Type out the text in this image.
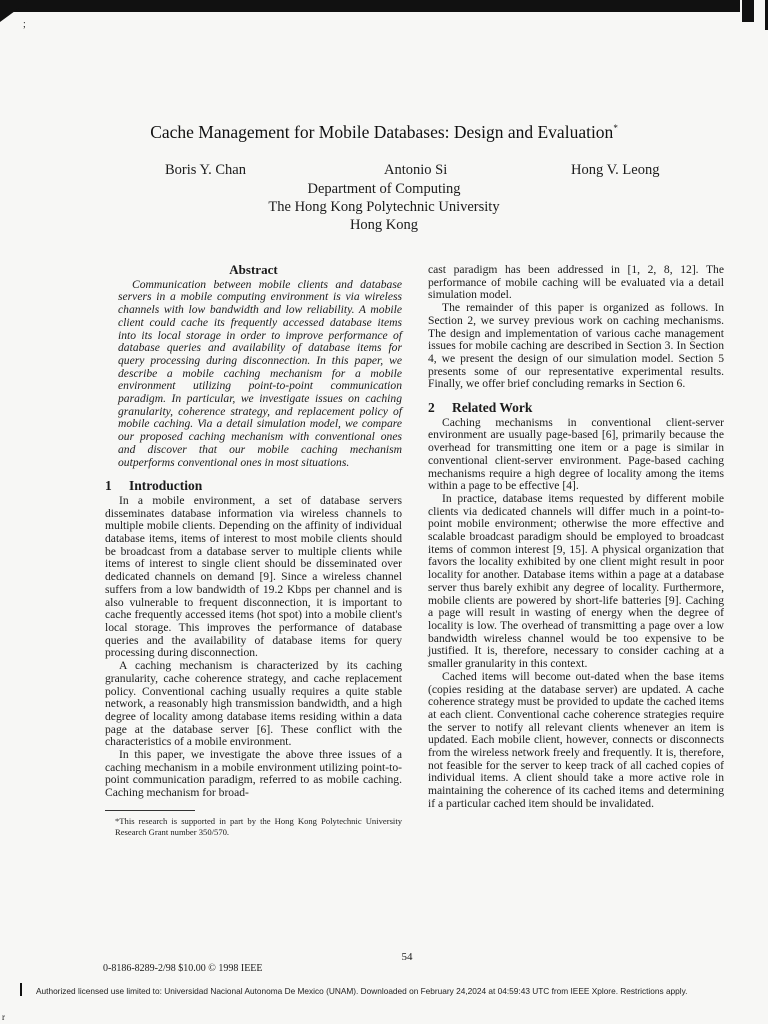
;
Cache Management for Mobile Databases: Design and Evaluation*
Boris Y. Chan	Antonio Si	Hong V. Leong
Department of Computing
The Hong Kong Polytechnic University
Hong Kong
Abstract

Communication between mobile clients and database servers in a mobile computing environment is via wireless channels with low bandwidth and low reliability. A mobile client could cache its frequently accessed database items into its local storage in order to improve performance of database queries and availability of database items for query processing during disconnection. In this paper, we describe a mobile caching mechanism for a mobile environment utilizing point-to-point communication paradigm. In particular, we investigate issues on caching granularity, coherence strategy, and replacement policy of mobile caching. Via a detail simulation model, we compare our proposed caching mechanism with conventional ones and discover that our mobile caching mechanism outperforms conventional ones in most situations.

1 Introduction

In a mobile environment, a set of database servers disseminates database information via wireless channels to multiple mobile clients. Depending on the affinity of individual database items, items of interest to most mobile clients should be broadcast from a database server to multiple clients while items of interest to single client should be disseminated over dedicated channels on demand [9]. Since a wireless channel suffers from a low bandwidth of 19.2 Kbps per channel and is also vulnerable to frequent disconnection, it is important to cache frequently accessed items (hot spot) into a mobile client's local storage. This improves the performance of database queries and the availability of database items for query processing during disconnection.

A caching mechanism is characterized by its caching granularity, cache coherence strategy, and cache replacement policy. Conventional caching usually requires a quite stable network, a reasonably high transmission bandwidth, and a high degree of locality among database items residing within a data page at the database server [6]. These conflict with the characteristics of a mobile environment.

In this paper, we investigate the above three issues of a caching mechanism in a mobile environment utilizing point-to-point communication paradigm, referred to as mobile caching. Caching mechanism for broad-

*This research is supported in part by the Hong Kong Polytechnic University Research Grant number 350/570.

cast paradigm has been addressed in [1, 2, 8, 12]. The performance of mobile caching will be evaluated via a detail simulation model.

The remainder of this paper is organized as follows. In Section 2, we survey previous work on caching mechanisms. The design and implementation of various cache management issues for mobile caching are described in Section 3. In Section 4, we present the design of our simulation model. Section 5 presents some of our representative experimental results. Finally, we offer brief concluding remarks in Section 6.

2 Related Work

Caching mechanisms in conventional client-server environment are usually page-based [6], primarily because the overhead for transmitting one item or a page is similar in conventional client-server environment. Page-based caching mechanisms require a high degree of locality among the items within a page to be effective [4].

In practice, database items requested by different mobile clients via dedicated channels will differ much in a point-to-point mobile environment; otherwise the more effective and scalable broadcast paradigm should be employed to broadcast items of common interest [9, 15]. A physical organization that favors the locality exhibited by one client might result in poor locality for another. Database items within a page at a database server thus barely exhibit any degree of locality. Furthermore, mobile clients are powered by short-life batteries [9]. Caching a page will result in wasting of energy when the degree of locality is low. The overhead of transmitting a page over a low bandwidth wireless channel would be too expensive to be justified. It is, therefore, necessary to consider caching at a smaller granularity in this context.

Cached items will become out-dated when the base items (copies residing at the database server) are updated. A cache coherence strategy must be provided to update the cached items at each client. Conventional cache coherence strategies require the server to notify all relevant clients whenever an item is updated. Each mobile client, however, connects or disconnects from the wireless network freely and frequently. It is, therefore, not feasible for the server to keep track of all cached copies of individual items. A client should take a more active role in maintaining the coherence of its cached items and determining if a particular cached item should be invalidated.

54
0-8186-8289-2/98 $10.00 © 1998 IEEE
Authorized licensed use limited to: Universidad Nacional Autonoma De Mexico (UNAM). Downloaded on February 24,2024 at 04:59:43 UTC from IEEE Xplore. Restrictions apply.
r
